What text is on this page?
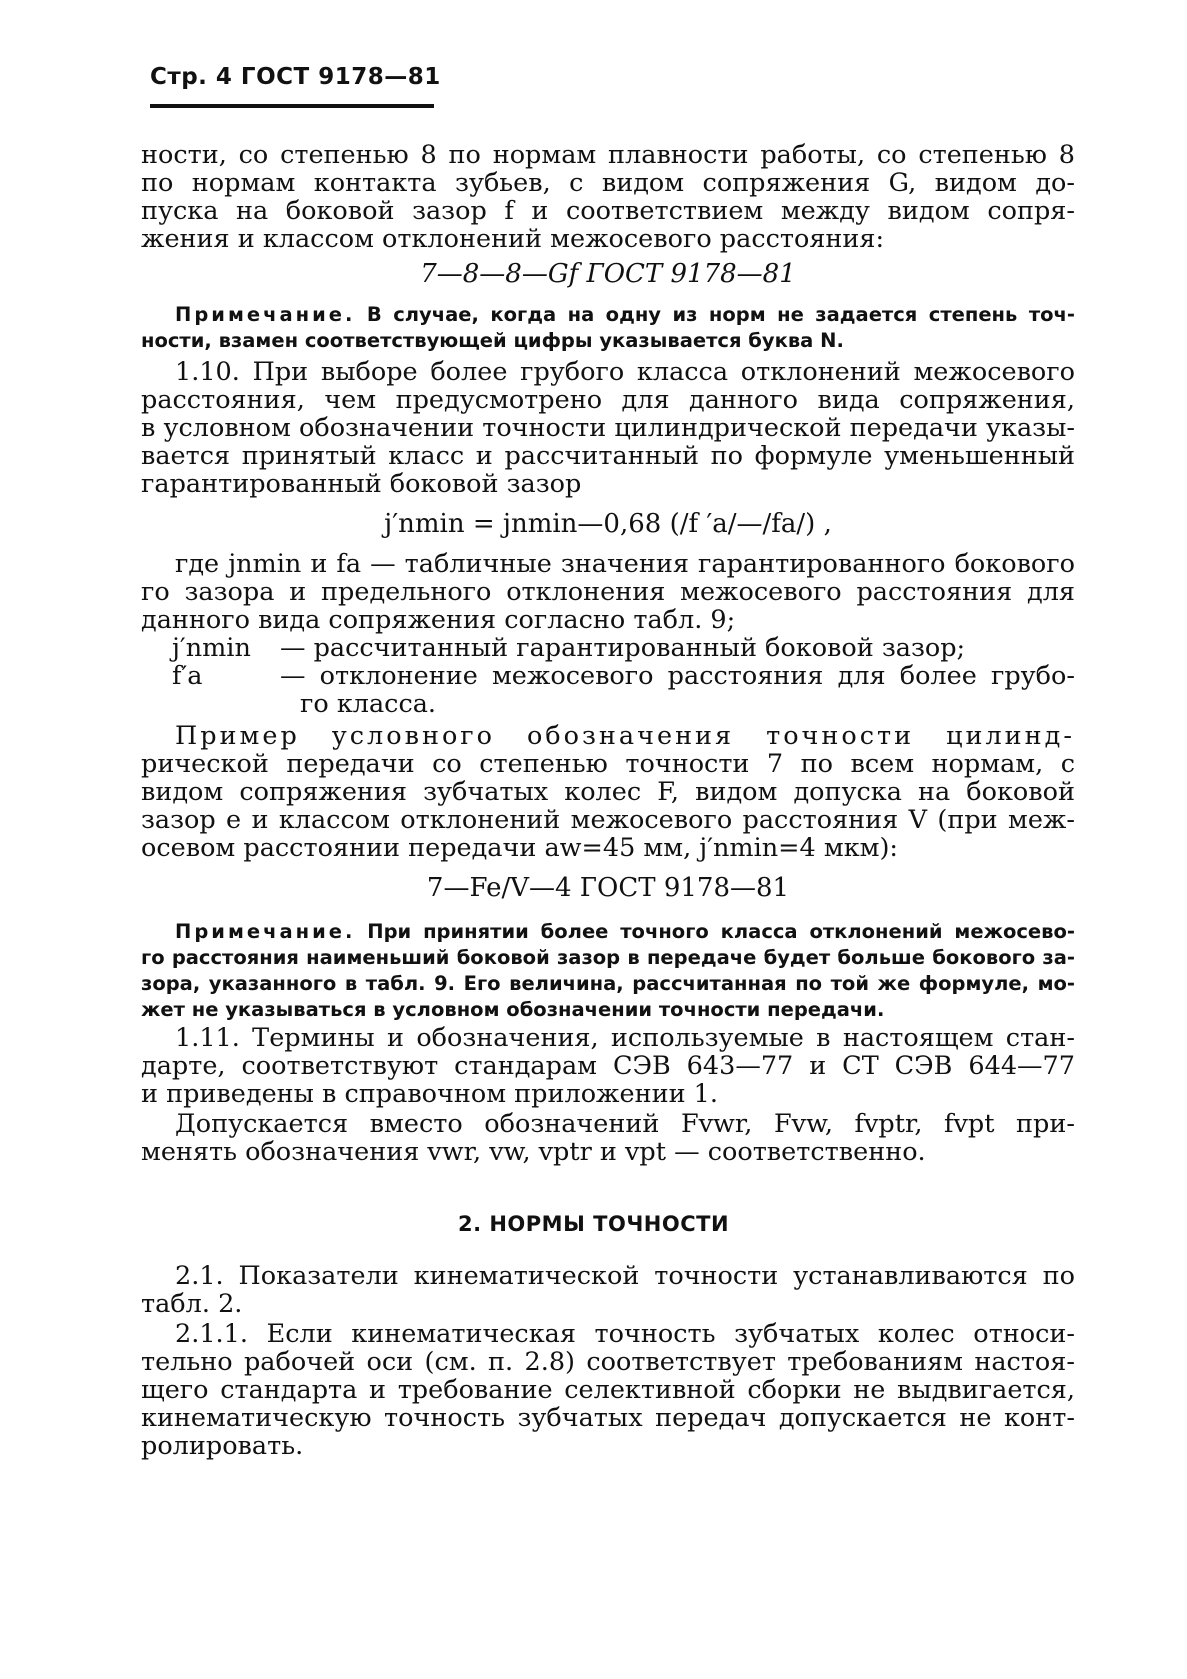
Стр. 4 ГОСТ 9178—81
ности, со степенью 8 по нормам плавности работы, со степенью 8
по нормам контакта зубьев, с видом сопряжения G, видом до-
пуска на боковой зазор f и соответствием между видом сопря-
жения и классом отклонений межосевого расстояния:
7—8—8—Gf ГОСТ 9178—81
Примечание. В случае, когда на одну из норм не задается степень точ-
ности, взамен соответствующей цифры указывается буква N.
1.10. При выборе более грубого класса отклонений межосевого
расстояния, чем предусмотрено для данного вида сопряжения,
в условном обозначении точности цилиндрической передачи указы-
вается принятый класс и рассчитанный по формуле уменьшенный
гарантированный боковой зазор
j′nmin = jnmin—0,68 (/f ′a/—/fa/) ,
где jnmin и fa — табличные значения гарантированного бокового
го зазора и предельного отклонения межосевого расстояния для
данного вида сопряжения согласно табл. 9;
j′nmin	— рассчитанный гарантированный боковой зазор;
f′a	— отклонение межосевого расстояния для более грубо-
го класса.
Пример условного обозначения точности цилинд-
рической передачи со степенью точности 7 по всем нормам, с
видом сопряжения зубчатых колес F, видом допуска на боковой
зазор e и классом отклонений межосевого расстояния V (при меж-
осевом расстоянии передачи aw=45 мм, j′nmin=4 мкм):
7—Fe/V—4 ГОСТ 9178—81
Примечание. При принятии более точного класса отклонений межосево-
го расстояния наименьший боковой зазор в передаче будет больше бокового за-
зора, указанного в табл. 9. Его величина, рассчитанная по той же формуле, мо-
жет не указываться в условном обозначении точности передачи.
1.11. Термины и обозначения, используемые в настоящем стан-
дарте, соответствуют стандарам СЭВ 643—77 и СТ СЭВ 644—77
и приведены в справочном приложении 1.
Допускается вместо обозначений Fvwr, Fvw, fvptr, fvpt при-
менять обозначения vwr, vw, vptr и vpt — соответственно.
2. НОРМЫ ТОЧНОСТИ
2.1. Показатели кинематической точности устанавливаются по
табл. 2.
2.1.1. Если кинематическая точность зубчатых колес относи-
тельно рабочей оси (см. п. 2.8) соответствует требованиям настоя-
щего стандарта и требование селективной сборки не выдвигается,
кинематическую точность зубчатых передач допускается не конт-
ролировать.
